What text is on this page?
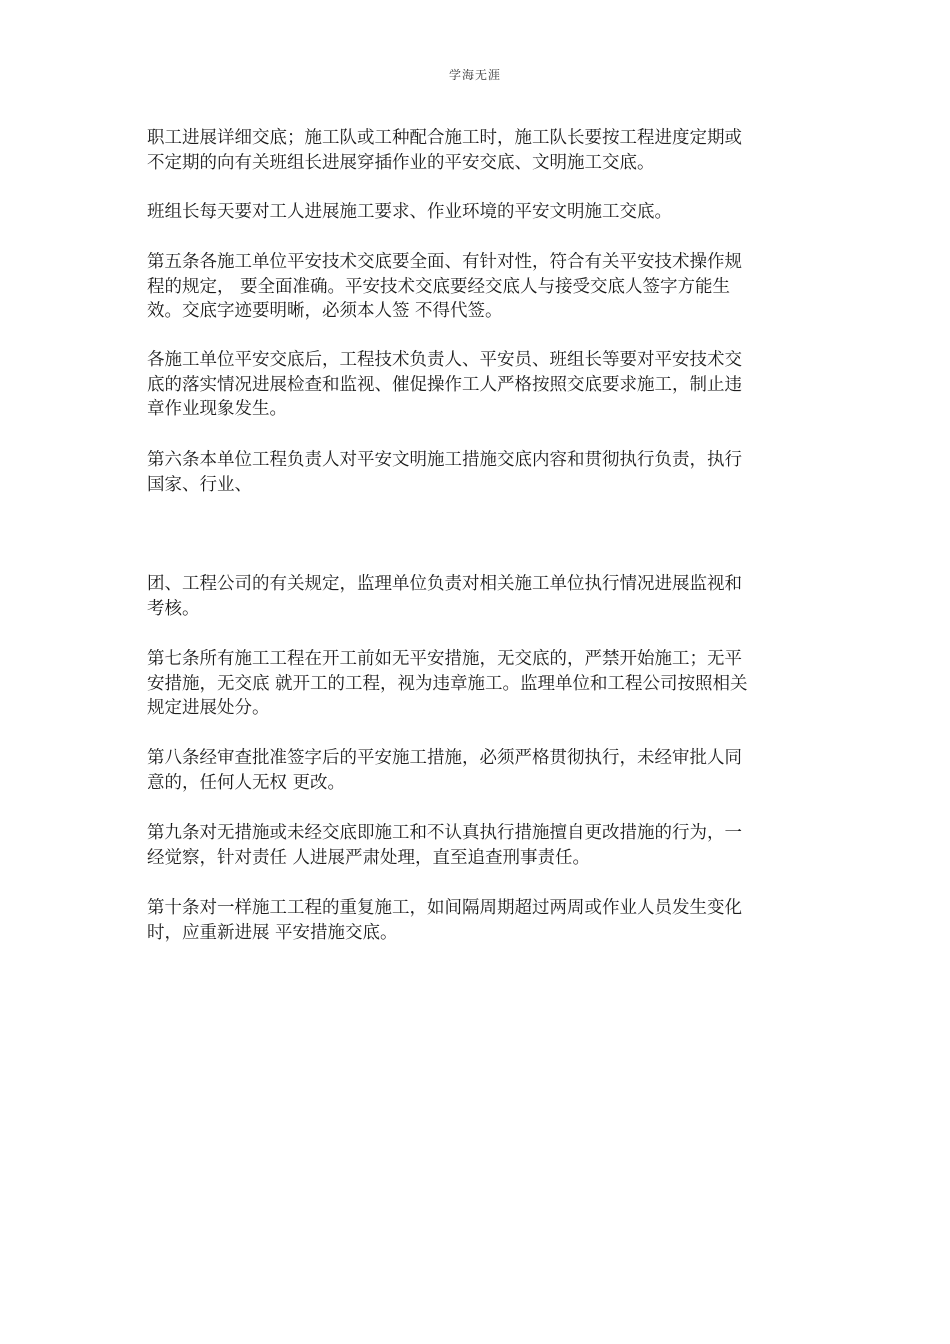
学海无涯
职工进展详细交底；施工队或工种配合施工时，施工队长要按工程进度定期或
不定期的向有关班组长进展穿插作业的平安交底、文明施工交底。
班组长每天要对工人进展施工要求、作业环境的平安文明施工交底。
第五条各施工单位平安技术交底要全面、有针对性，符合有关平安技术操作规
程的规定， 要全面准确。平安技术交底要经交底人与接受交底人签字方能生
效。交底字迹要明晰，必须本人签 不得代签。
各施工单位平安交底后，工程技术负责人、平安员、班组长等要对平安技术交
底的落实情况进展检查和监视、催促操作工人严格按照交底要求施工，制止违
章作业现象发生。
第六条本单位工程负责人对平安文明施工措施交底内容和贯彻执行负责，执行
国家、行业、
团、工程公司的有关规定，监理单位负责对相关施工单位执行情况进展监视和
考核。
第七条所有施工工程在开工前如无平安措施，无交底的，严禁开始施工；无平
安措施，无交底 就开工的工程，视为违章施工。监理单位和工程公司按照相关
规定进展处分。
第八条经审查批准签字后的平安施工措施，必须严格贯彻执行，未经审批人同
意的，任何人无权 更改。
第九条对无措施或未经交底即施工和不认真执行措施擅自更改措施的行为，一
经觉察，针对责任 人进展严肃处理，直至追查刑事责任。
第十条对一样施工工程的重复施工，如间隔周期超过两周或作业人员发生变化
时，应重新进展 平安措施交底。
